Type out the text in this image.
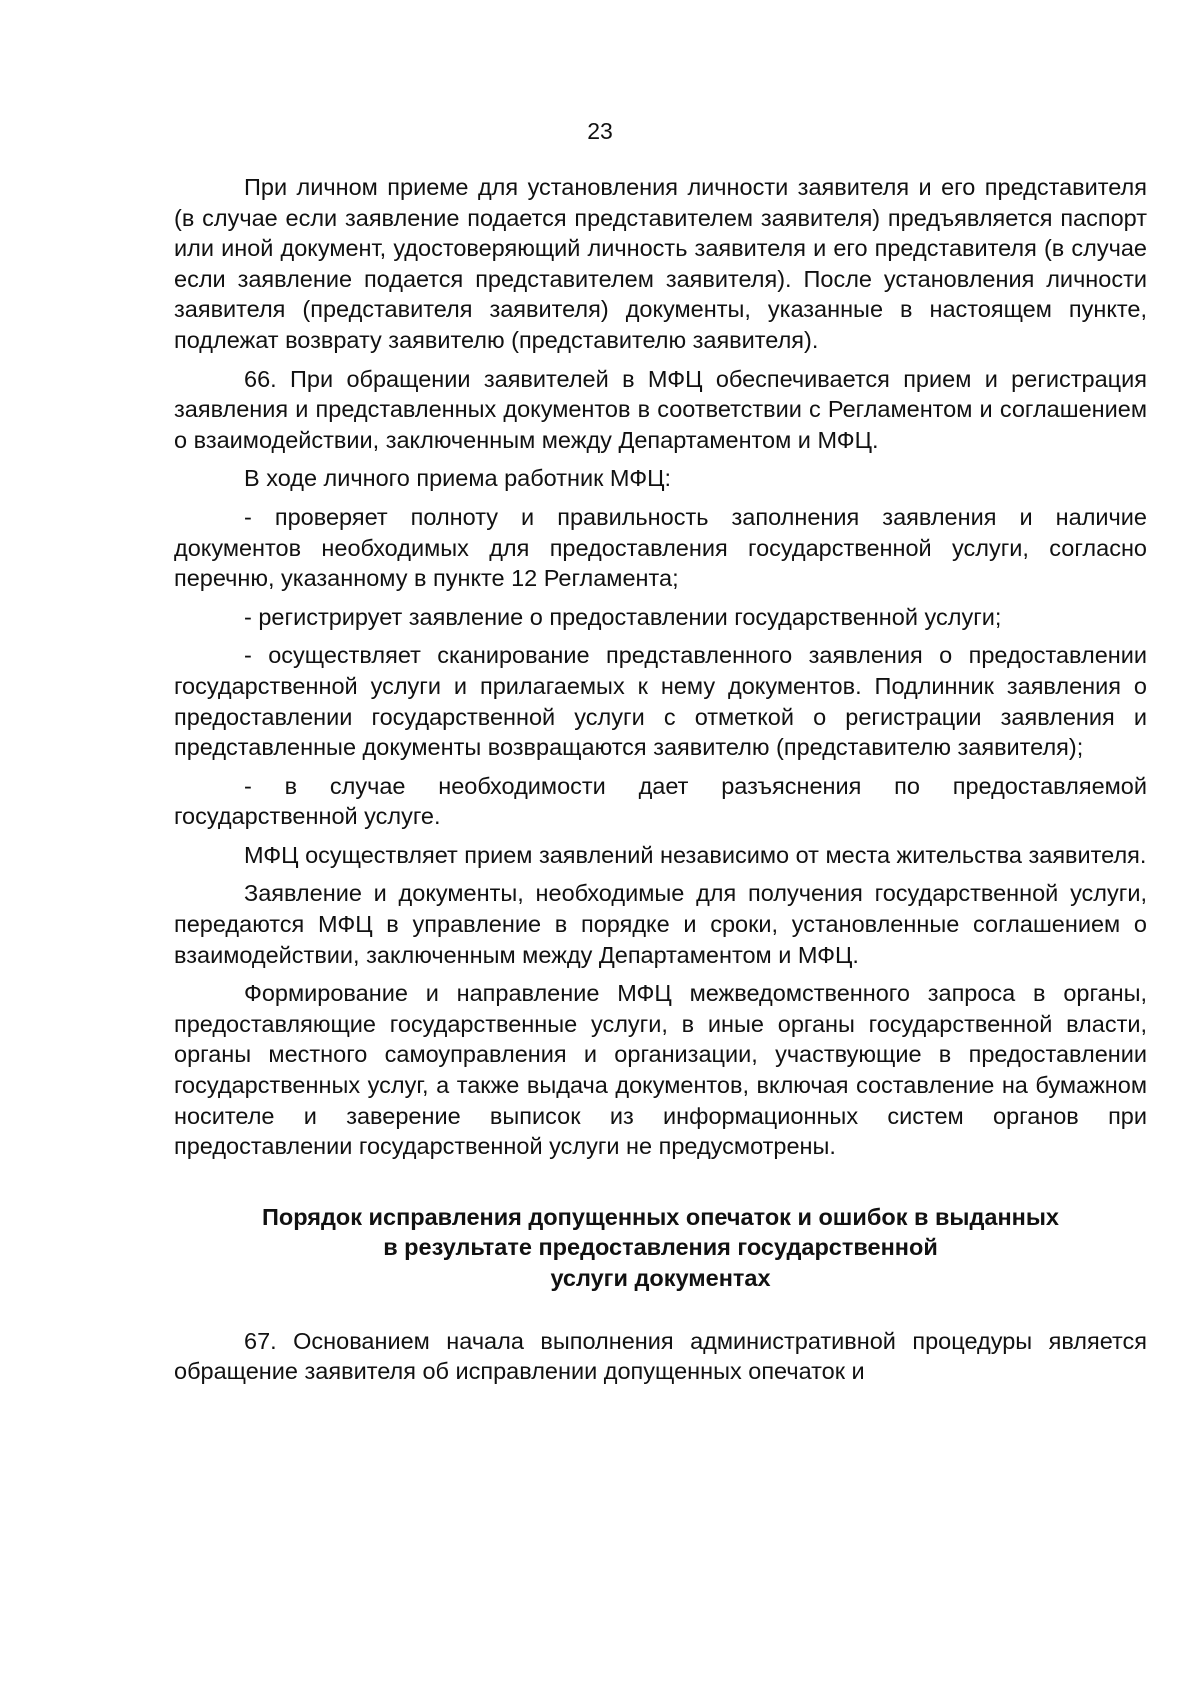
23

При личном приеме для установления личности заявителя и его представителя (в случае если заявление подается представителем заявителя) предъявляется паспорт или иной документ, удостоверяющий личность заявителя и его представителя (в случае если заявление подается представителем заявителя). После установления личности заявителя (представителя заявителя) документы, указанные в настоящем пункте, подлежат возврату заявителю (представителю заявителя).

66. При обращении заявителей в МФЦ обеспечивается прием и регистрация заявления и представленных документов в соответствии с Регламентом и соглашением о взаимодействии, заключенным между Департаментом и МФЦ.

В ходе личного приема работник МФЦ:

- проверяет полноту и правильность заполнения заявления и наличие документов необходимых для предоставления государственной услуги, согласно перечню, указанному в пункте 12 Регламента;

- регистрирует заявление о предоставлении государственной услуги;

- осуществляет сканирование представленного заявления о предоставлении государственной услуги и прилагаемых к нему документов. Подлинник заявления о предоставлении государственной услуги с отметкой о регистрации заявления и представленные документы возвращаются заявителю (представителю заявителя);

- в случае необходимости дает разъяснения по предоставляемой государственной услуге.

МФЦ осуществляет прием заявлений независимо от места жительства заявителя.

Заявление и документы, необходимые для получения государственной услуги, передаются МФЦ в управление в порядке и сроки, установленные соглашением о взаимодействии, заключенным между Департаментом и МФЦ.

Формирование и направление МФЦ межведомственного запроса в органы, предоставляющие государственные услуги, в иные органы государственной власти, органы местного самоуправления и организации, участвующие в предоставлении государственных услуг, а также выдача документов, включая составление на бумажном носителе и заверение выписок из информационных систем органов при предоставлении государственной услуги не предусмотрены.

Порядок исправления допущенных опечаток и ошибок в выданных
в результате предоставления государственной
услуги документах

67. Основанием начала выполнения административной процедуры является обращение заявителя об исправлении допущенных опечаток и
